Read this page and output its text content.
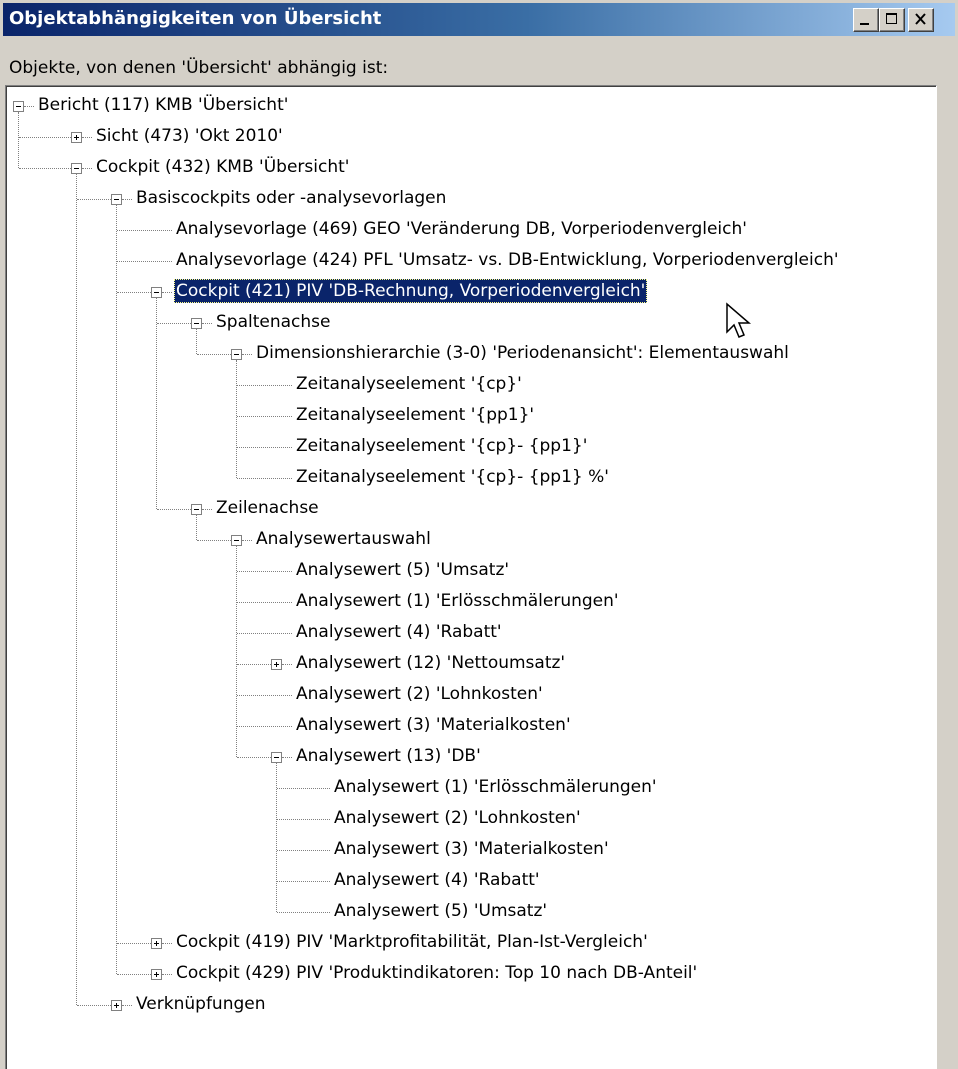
Objektabhängigkeiten von Übersicht
Objekte, von denen 'Übersicht' abhängig ist:
Bericht (117) KMB 'Übersicht'
Sicht (473) 'Okt 2010'
Cockpit (432) KMB 'Übersicht'
Basiscockpits oder -analysevorlagen
Analysevorlage (469) GEO 'Veränderung DB, Vorperiodenvergleich'
Analysevorlage (424) PFL 'Umsatz- vs. DB-Entwicklung, Vorperiodenvergleich'
Cockpit (421) PIV 'DB-Rechnung, Vorperiodenvergleich'
Spaltenachse
Dimensionshierarchie (3-0) 'Periodenansicht': Elementauswahl
Zeitanalyseelement '{cp}'
Zeitanalyseelement '{pp1}'
Zeitanalyseelement '{cp}- {pp1}'
Zeitanalyseelement '{cp}- {pp1} %'
Zeilenachse
Analysewertauswahl
Analysewert (5) 'Umsatz'
Analysewert (1) 'Erlösschmälerungen'
Analysewert (4) 'Rabatt'
Analysewert (12) 'Nettoumsatz'
Analysewert (2) 'Lohnkosten'
Analysewert (3) 'Materialkosten'
Analysewert (13) 'DB'
Analysewert (1) 'Erlösschmälerungen'
Analysewert (2) 'Lohnkosten'
Analysewert (3) 'Materialkosten'
Analysewert (4) 'Rabatt'
Analysewert (5) 'Umsatz'
Cockpit (419) PIV 'Marktprofitabilität, Plan-Ist-Vergleich'
Cockpit (429) PIV 'Produktindikatoren: Top 10 nach DB-Anteil'
Verknüpfungen
